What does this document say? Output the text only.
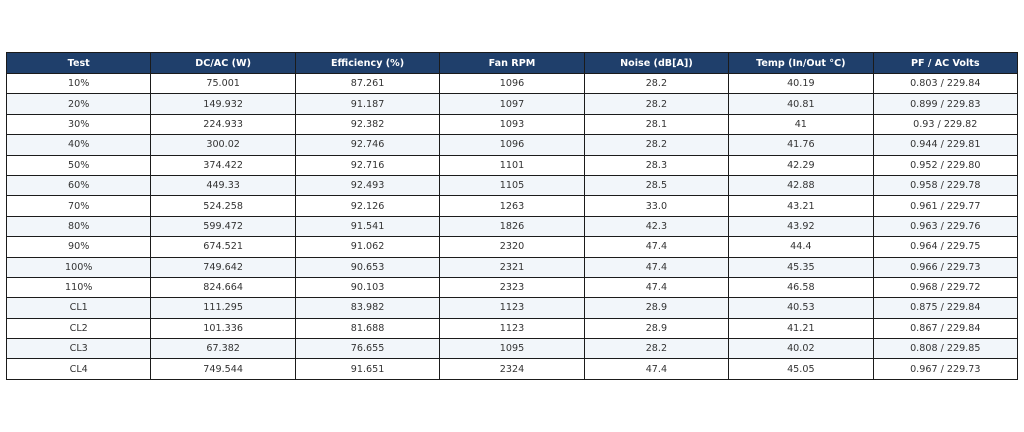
Test	DC/AC (W)	Efficiency (%)	Fan RPM	Noise (dB[A])	Temp (In/Out °C)	PF / AC Volts
10%	75.001	87.261	1096	28.2	40.19	0.803 / 229.84
20%	149.932	91.187	1097	28.2	40.81	0.899 / 229.83
30%	224.933	92.382	1093	28.1	41	0.93 / 229.82
40%	300.02	92.746	1096	28.2	41.76	0.944 / 229.81
50%	374.422	92.716	1101	28.3	42.29	0.952 / 229.80
60%	449.33	92.493	1105	28.5	42.88	0.958 / 229.78
70%	524.258	92.126	1263	33.0	43.21	0.961 / 229.77
80%	599.472	91.541	1826	42.3	43.92	0.963 / 229.76
90%	674.521	91.062	2320	47.4	44.4	0.964 / 229.75
100%	749.642	90.653	2321	47.4	45.35	0.966 / 229.73
110%	824.664	90.103	2323	47.4	46.58	0.968 / 229.72
CL1	111.295	83.982	1123	28.9	40.53	0.875 / 229.84
CL2	101.336	81.688	1123	28.9	41.21	0.867 / 229.84
CL3	67.382	76.655	1095	28.2	40.02	0.808 / 229.85
CL4	749.544	91.651	2324	47.4	45.05	0.967 / 229.73
